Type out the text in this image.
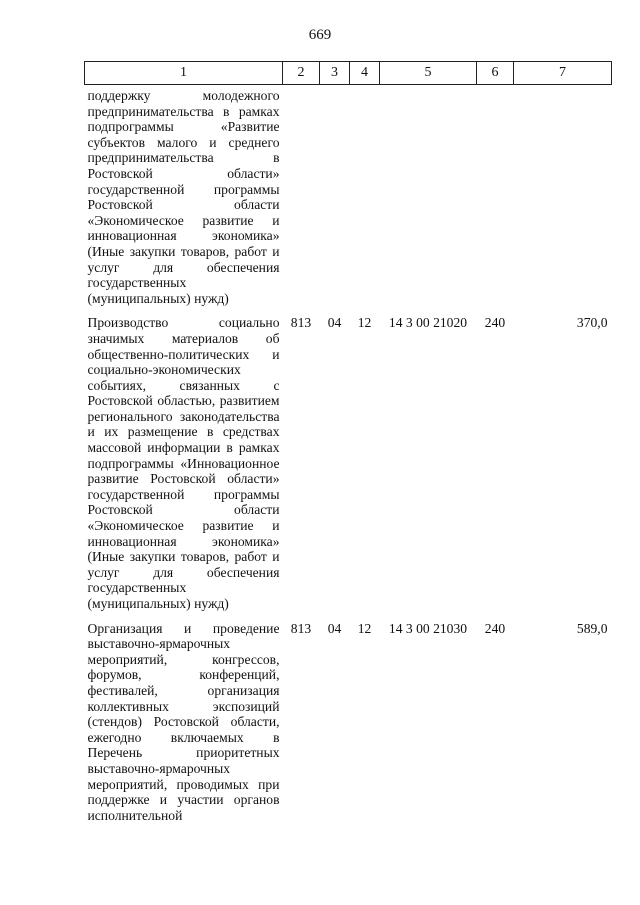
669
1	2	3	4	5	6	7
поддержку молодежного предпринимательства в рамках подпрограммы «Развитие субъектов малого и среднего предпринимательства в Ростовской области» государственной программы Ростовской области «Экономическое развитие и инновационная экономика» (Иные закупки товаров, работ и услуг для обеспечения государственных (муниципальных) нужд)						
Производство социально значимых материалов об общественно-политических и социально-экономических событиях, связанных с Ростовской областью, развитием регионального законодательства и их размещение в средствах массовой информации в рамках подпрограммы «Инновационное развитие Ростовской области» государственной программы Ростовской области «Экономическое развитие и инновационная экономика» (Иные закупки товаров, работ и услуг для обеспечения государственных (муниципальных) нужд)	813	04	12	14 3 00 21020	240	370,0
Организация и проведение выставочно-ярмарочных мероприятий, конгрессов, форумов, конференций, фестивалей, организация коллективных экспозиций (стендов) Ростовской области, ежегодно включаемых в Перечень приоритетных выставочно-ярмарочных мероприятий, проводимых при поддержке и участии органов исполнительной	813	04	12	14 3 00 21030	240	589,0
